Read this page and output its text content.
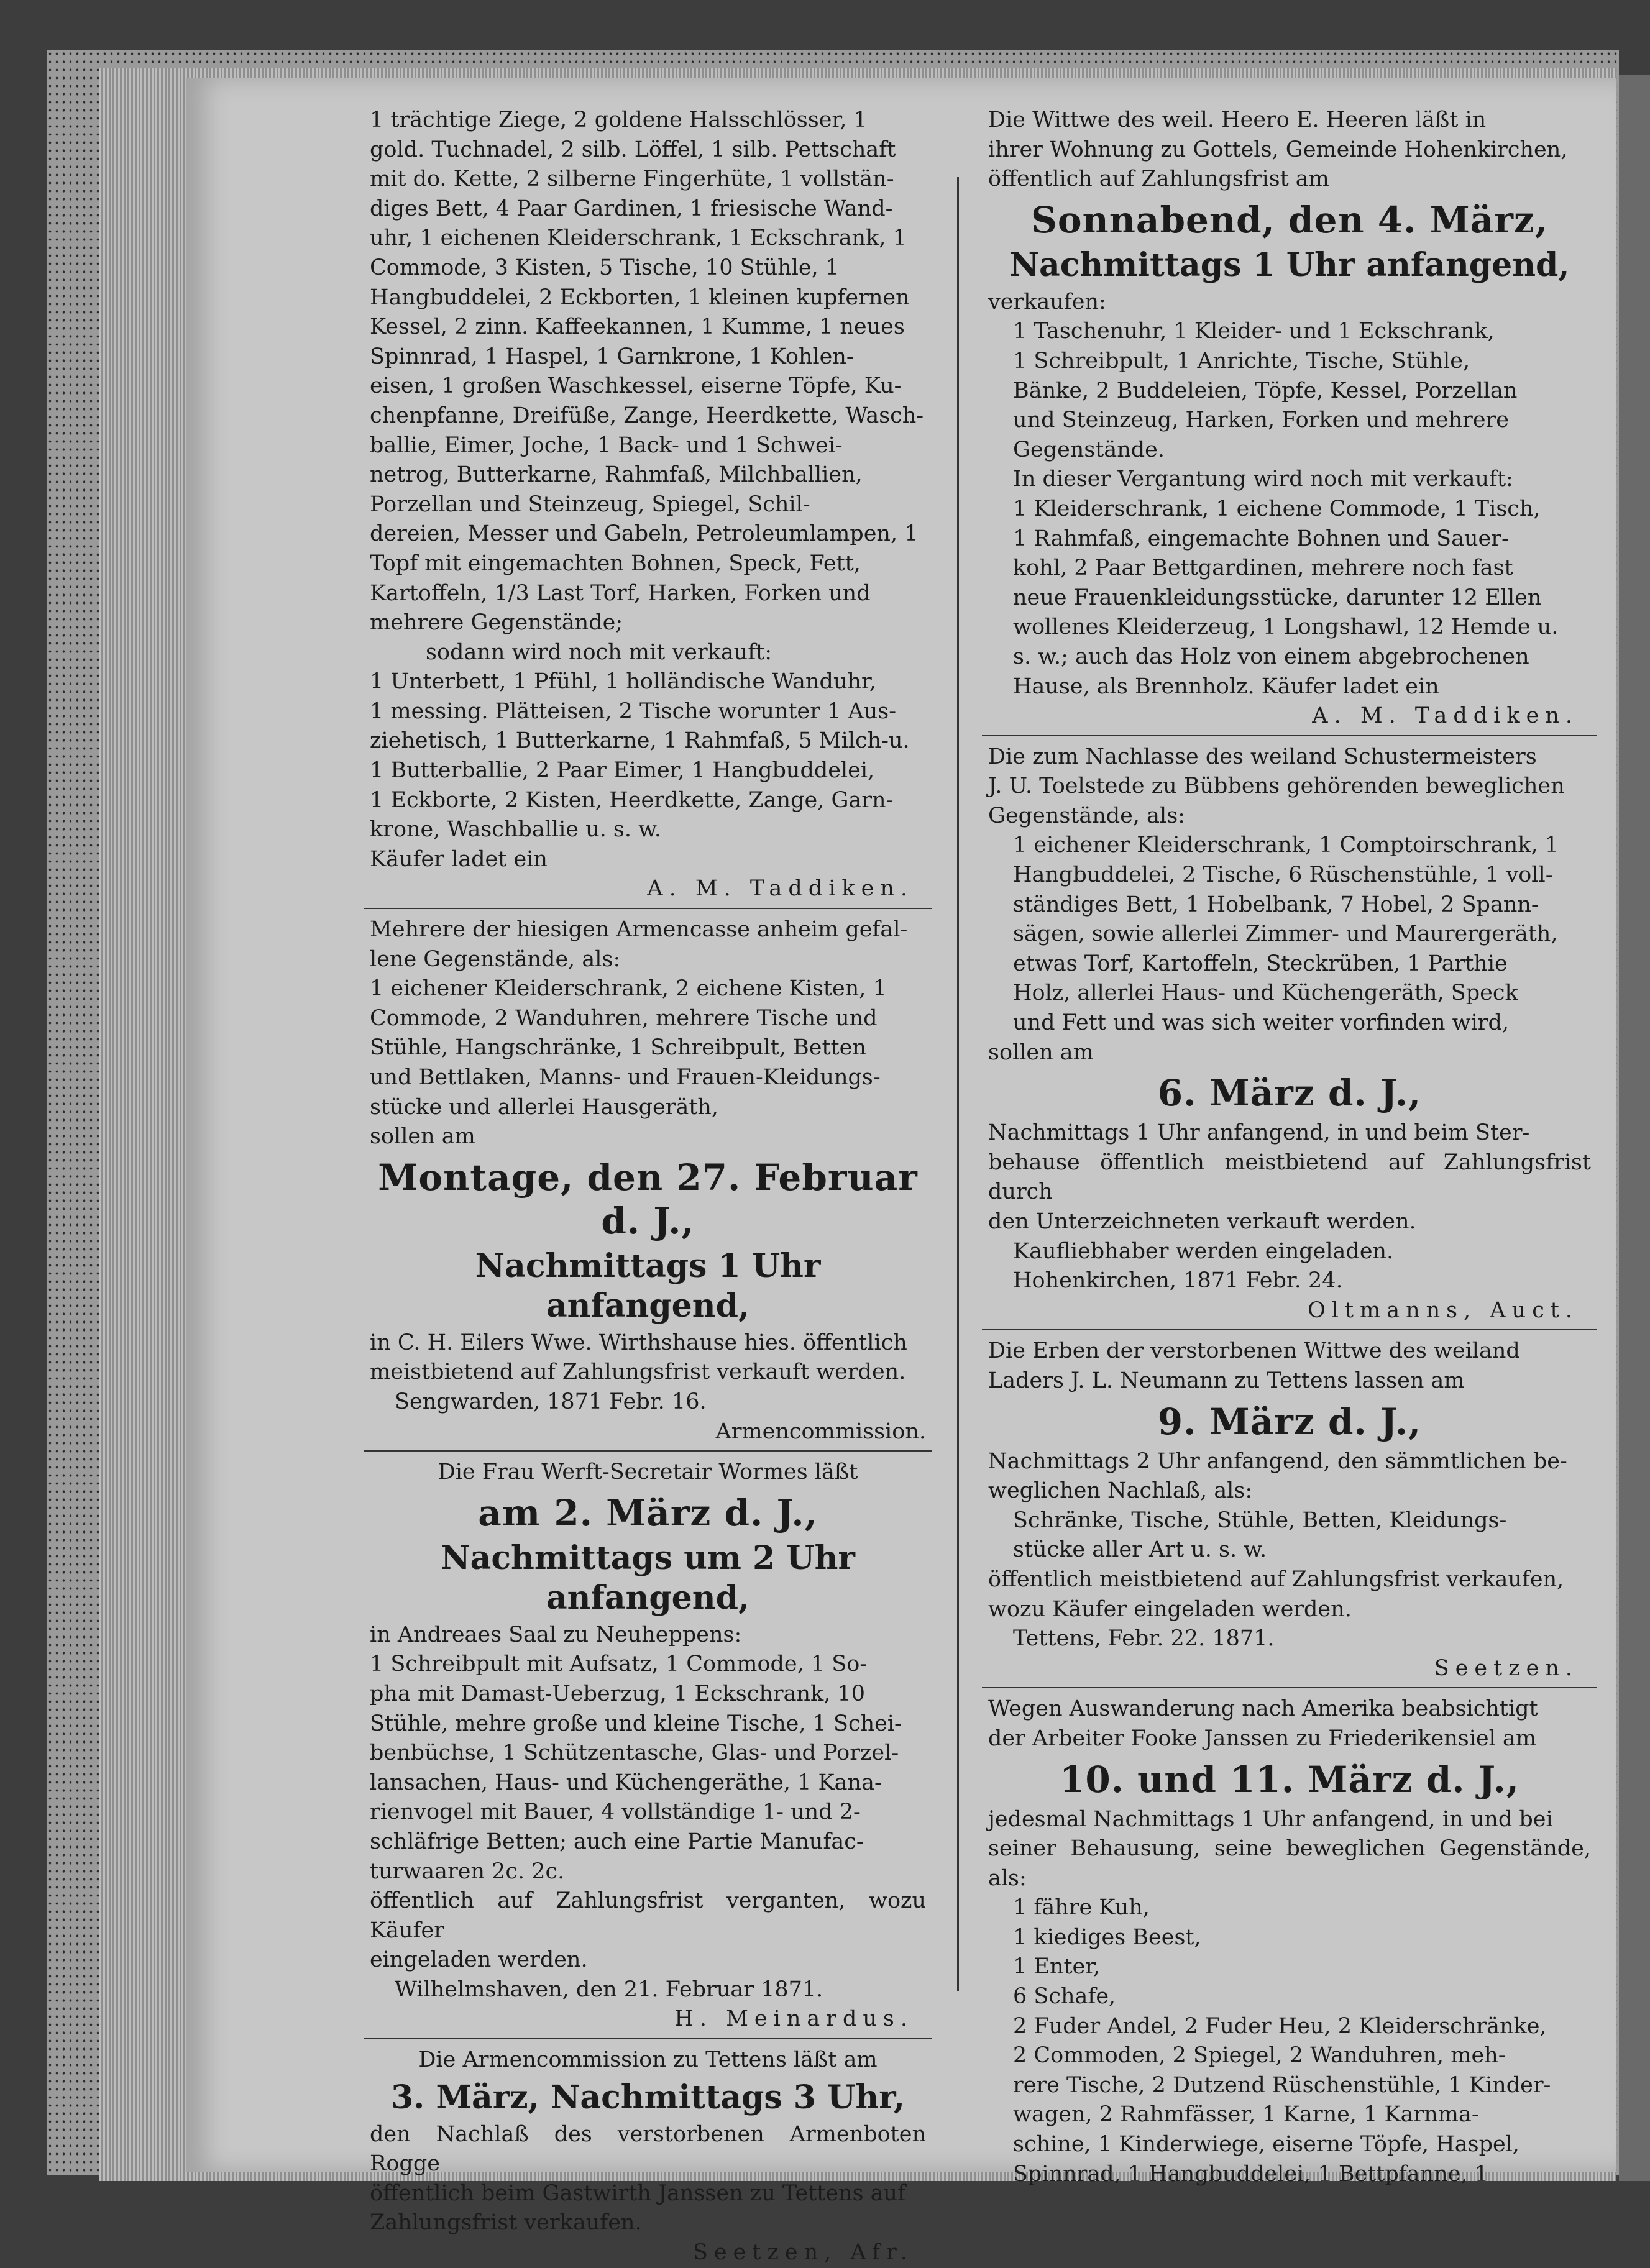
1 trächtige Ziege, 2 goldene Halsschlösser, 1

gold. Tuchnadel, 2 silb. Löffel, 1 silb. Pettschaft

mit do. Kette, 2 silberne Fingerhüte, 1 vollstän-

diges Bett, 4 Paar Gardinen, 1 friesische Wand-

uhr, 1 eichenen Kleiderschrank, 1 Eckschrank, 1

Commode, 3 Kisten, 5 Tische, 10 Stühle, 1

Hangbuddelei, 2 Eckborten, 1 kleinen kupfernen

Kessel, 2 zinn. Kaffeekannen, 1 Kumme, 1 neues

Spinnrad, 1 Haspel, 1 Garnkrone, 1 Kohlen-

eisen, 1 großen Waschkessel, eiserne Töpfe, Ku-

chenpfanne, Dreifüße, Zange, Heerdkette, Wasch-

ballie, Eimer, Joche, 1 Back- und 1 Schwei-

netrog, Butterkarne, Rahmfaß, Milchballien,

Porzellan und Steinzeug, Spiegel, Schil-

dereien, Messer und Gabeln, Petroleumlampen, 1

Topf mit eingemachten Bohnen, Speck, Fett,

Kartoffeln, 1/3 Last Torf, Harken, Forken und

mehrere Gegenstände;

sodann wird noch mit verkauft:

1 Unterbett, 1 Pfühl, 1 holländische Wanduhr,

1 messing. Plätteisen, 2 Tische worunter 1 Aus-

ziehetisch, 1 Butterkarne, 1 Rahmfaß, 5 Milch-u.

1 Butterballie, 2 Paar Eimer, 1 Hangbuddelei,

1 Eckborte, 2 Kisten, Heerdkette, Zange, Garn-

krone, Waschballie u. s. w.

Käufer ladet ein

A. M. Taddiken.

Mehrere der hiesigen Armencasse anheim gefal-

lene Gegenstände, als:

1 eichener Kleiderschrank, 2 eichene Kisten, 1

Commode, 2 Wanduhren, mehrere Tische und

Stühle, Hangschränke, 1 Schreibpult, Betten

und Bettlaken, Manns- und Frauen-Kleidungs-

stücke und allerlei Hausgeräth,

sollen am

Montage, den 27. Februar d. J.,

Nachmittags 1 Uhr anfangend,

in C. H. Eilers Wwe. Wirthshause hies. öffentlich

meistbietend auf Zahlungsfrist verkauft werden.

Sengwarden, 1871 Febr. 16.

Armencommission.

Die Frau Werft-Secretair Wormes läßt

am 2. März d. J.,

Nachmittags um 2 Uhr anfangend,

in Andreaes Saal zu Neuheppens:

1 Schreibpult mit Aufsatz, 1 Commode, 1 So-

pha mit Damast-Ueberzug, 1 Eckschrank, 10

Stühle, mehre große und kleine Tische, 1 Schei-

benbüchse, 1 Schützentasche, Glas- und Porzel-

lansachen, Haus- und Küchengeräthe, 1 Kana-

rienvogel mit Bauer, 4 vollständige 1- und 2-

schläfrige Betten; auch eine Partie Manufac-

turwaaren 2c. 2c.

öffentlich auf Zahlungsfrist verganten, wozu Käufer

eingeladen werden.

Wilhelmshaven, den 21. Februar 1871.

H. Meinardus.

Die Armencommission zu Tettens läßt am

3. März, Nachmittags 3 Uhr,

den Nachlaß des verstorbenen Armenboten Rogge

öffentlich beim Gastwirth Janssen zu Tettens auf

Zahlungsfrist verkaufen.

Seetzen, Afr.

Die Wittwe des weil. Heero E. Heeren läßt in

ihrer Wohnung zu Gottels, Gemeinde Hohenkirchen,

öffentlich auf Zahlungsfrist am

Sonnabend, den 4. März,

Nachmittags 1 Uhr anfangend,

verkaufen:

1 Taschenuhr, 1 Kleider- und 1 Eckschrank,

1 Schreibpult, 1 Anrichte, Tische, Stühle,

Bänke, 2 Buddeleien, Töpfe, Kessel, Porzellan

und Steinzeug, Harken, Forken und mehrere

Gegenstände.

In dieser Vergantung wird noch mit verkauft:

1 Kleiderschrank, 1 eichene Commode, 1 Tisch,

1 Rahmfaß, eingemachte Bohnen und Sauer-

kohl, 2 Paar Bettgardinen, mehrere noch fast

neue Frauenkleidungsstücke, darunter 12 Ellen

wollenes Kleiderzeug, 1 Longshawl, 12 Hemde u.

s. w.; auch das Holz von einem abgebrochenen

Hause, als Brennholz. Käufer ladet ein

A. M. Taddiken.

Die zum Nachlasse des weiland Schustermeisters

J. U. Toelstede zu Bübbens gehörenden beweglichen

Gegenstände, als:

1 eichener Kleiderschrank, 1 Comptoirschrank, 1

Hangbuddelei, 2 Tische, 6 Rüschenstühle, 1 voll-

ständiges Bett, 1 Hobelbank, 7 Hobel, 2 Spann-

sägen, sowie allerlei Zimmer- und Maurergeräth,

etwas Torf, Kartoffeln, Steckrüben, 1 Parthie

Holz, allerlei Haus- und Küchengeräth, Speck

und Fett und was sich weiter vorfinden wird,

sollen am

6. März d. J.,

Nachmittags 1 Uhr anfangend, in und beim Ster-

behause öffentlich meistbietend auf Zahlungsfrist durch

den Unterzeichneten verkauft werden.

Kaufliebhaber werden eingeladen.

Hohenkirchen, 1871 Febr. 24.

Oltmanns, Auct.

Die Erben der verstorbenen Wittwe des weiland

Laders J. L. Neumann zu Tettens lassen am

9. März d. J.,

Nachmittags 2 Uhr anfangend, den sämmtlichen be-

weglichen Nachlaß, als:

Schränke, Tische, Stühle, Betten, Kleidungs-

stücke aller Art u. s. w.

öffentlich meistbietend auf Zahlungsfrist verkaufen,

wozu Käufer eingeladen werden.

Tettens, Febr. 22. 1871.

Seetzen.

Wegen Auswanderung nach Amerika beabsichtigt

der Arbeiter Fooke Janssen zu Friederikensiel am

10. und 11. März d. J.,

jedesmal Nachmittags 1 Uhr anfangend, in und bei

seiner Behausung, seine beweglichen Gegenstände, als:

1 fähre Kuh,

1 kiediges Beest,

1 Enter,

6 Schafe,

2 Fuder Andel, 2 Fuder Heu, 2 Kleiderschränke,

2 Commoden, 2 Spiegel, 2 Wanduhren, meh-

rere Tische, 2 Dutzend Rüschenstühle, 1 Kinder-

wagen, 2 Rahmfässer, 1 Karne, 1 Karnma-

schine, 1 Kinderwiege, eiserne Töpfe, Haspel,

Spinnrad, 1 Hangbuddelei, 1 Bettpfanne, 1
